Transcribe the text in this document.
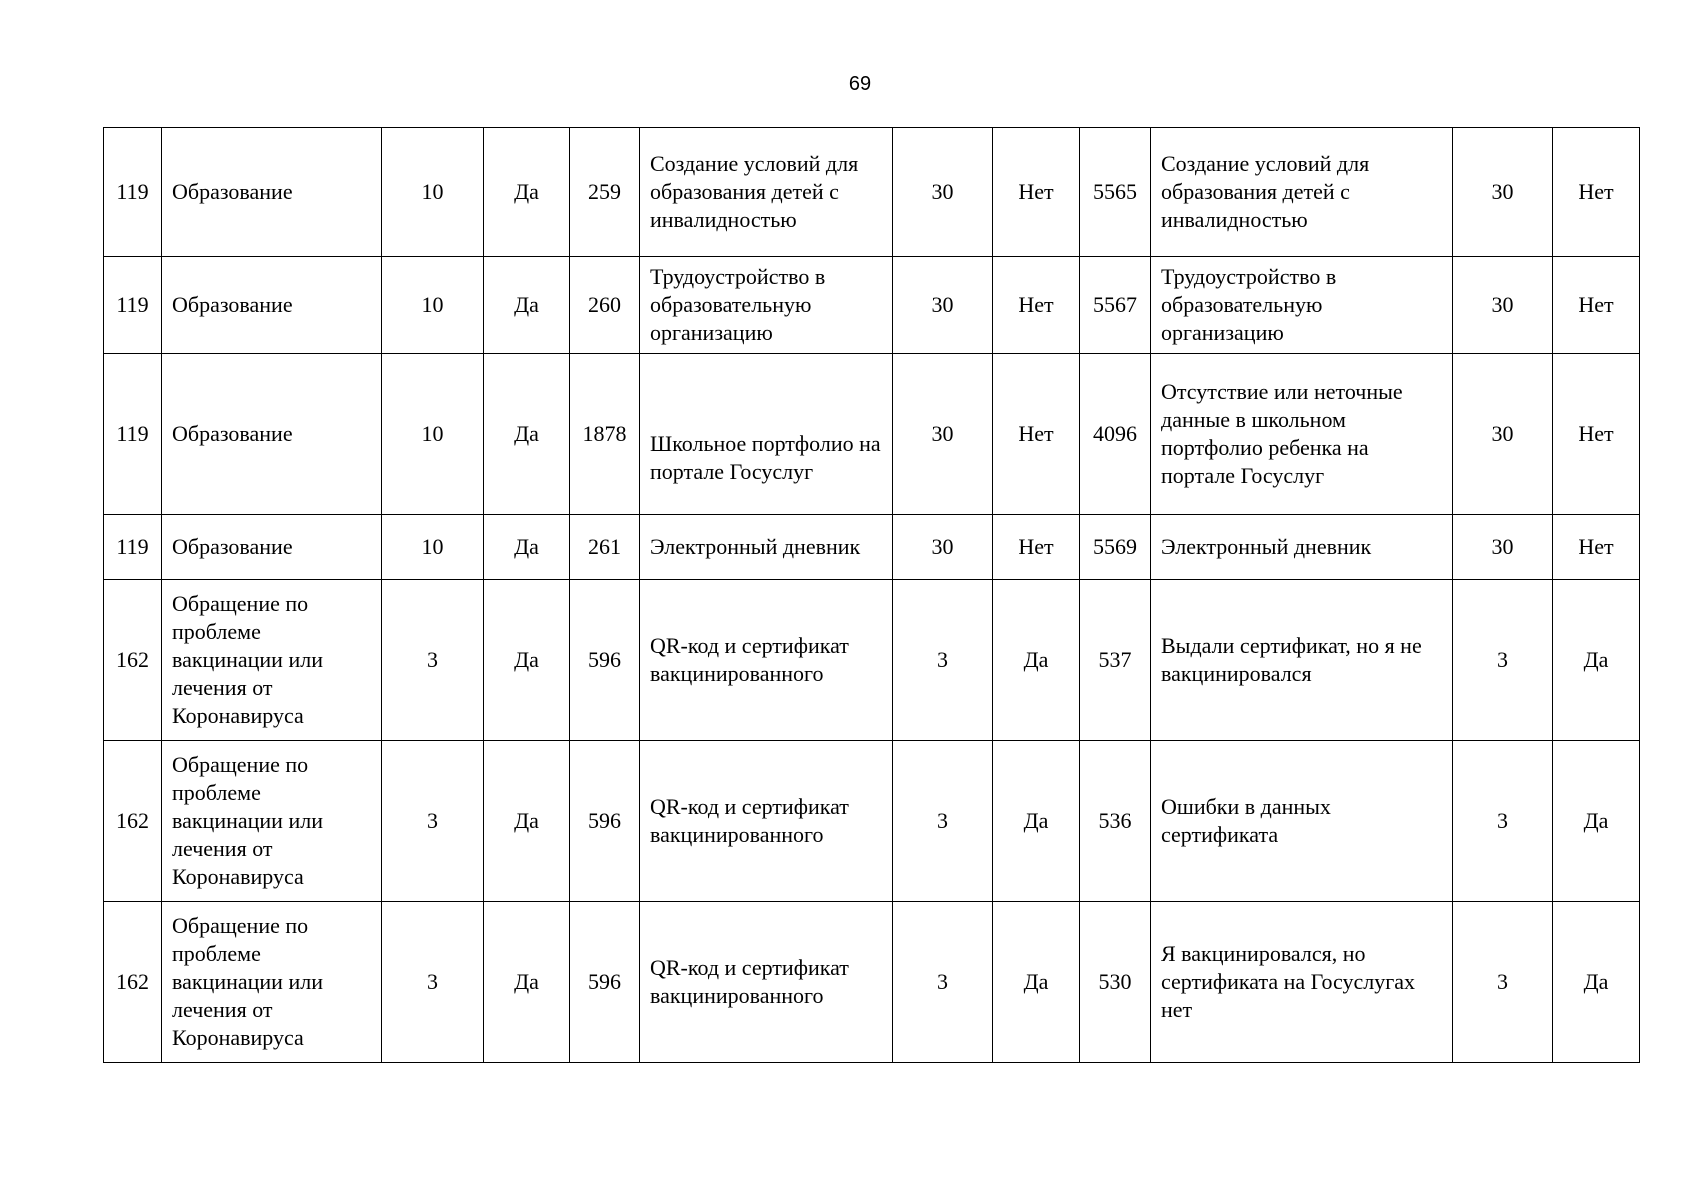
69
119	Образование	10	Да	259	Создание условий для образования детей с инвалидностью	30	Нет	5565	Создание условий для образования детей с инвалидностью	30	Нет
119	Образование	10	Да	260	Трудоустройство в образовательную организацию	30	Нет	5567	Трудоустройство в образовательную организацию	30	Нет
119	Образование	10	Да	1878	Школьное портфолио на портале Госуслуг	30	Нет	4096	Отсутствие или неточные данные в школьном портфолио ребенка на портале Госуслуг	30	Нет
119	Образование	10	Да	261	Электронный дневник	30	Нет	5569	Электронный дневник	30	Нет
162	Обращение по проблеме вакцинации или лечения от Коронавируса	3	Да	596	QR-код и сертификат вакцинированного	3	Да	537	Выдали сертификат, но я не вакцинировался	3	Да
162	Обращение по проблеме вакцинации или лечения от Коронавируса	3	Да	596	QR-код и сертификат вакцинированного	3	Да	536	Ошибки в данных сертификата	3	Да
162	Обращение по проблеме вакцинации или лечения от Коронавируса	3	Да	596	QR-код и сертификат вакцинированного	3	Да	530	Я вакцинировался, но сертификата на Госуслугах нет	3	Да
